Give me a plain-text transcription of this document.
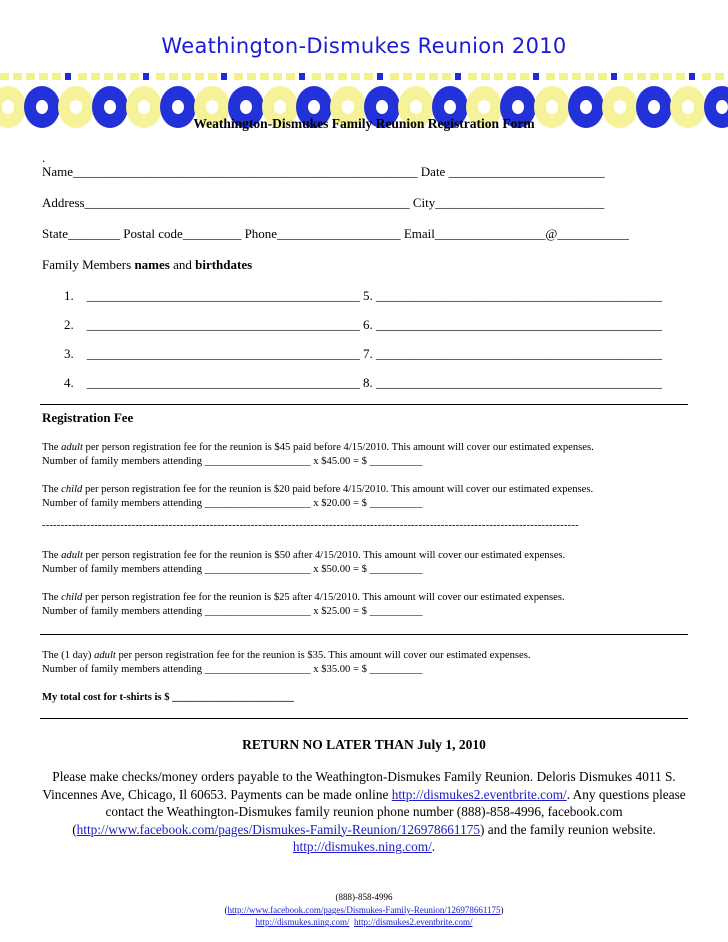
Weathington-Dismukes Reunion 2010
Weathington-Dismukes Family Reunion Registration Form
.
Name_____________________________________________________ Date ________________________
Address__________________________________________________ City__________________________
State________ Postal code_________ Phone___________________ Email_________________@___________
Family Members names and birthdates
1. __________________________________________ 5. ____________________________________________
2. __________________________________________ 6. ____________________________________________
3. __________________________________________ 7. ____________________________________________
4. __________________________________________ 8. ____________________________________________
Registration Fee
The adult per person registration fee for the reunion is $45 paid before 4/15/2010. This amount will cover our estimated expenses.
Number of family members attending ____________________ x $45.00 = $ __________
The child per person registration fee for the reunion is $20 paid before 4/15/2010. This amount will cover our estimated expenses.
Number of family members attending ____________________ x $20.00 = $ __________
------------------------------------------------------------------------------------------------------------------------------------------------
The adult per person registration fee for the reunion is $50 after 4/15/2010. This amount will cover our estimated expenses.
Number of family members attending ____________________ x $50.00 = $ __________
The child per person registration fee for the reunion is $25 after 4/15/2010. This amount will cover our estimated expenses.
Number of family members attending ____________________ x $25.00 = $ __________
The (1 day) adult per person registration fee for the reunion is $35. This amount will cover our estimated expenses.
Number of family members attending ____________________ x $35.00 = $ __________
My total cost for t-shirts is $ _______________________
RETURN NO LATER THAN July 1, 2010
Please make checks/money orders payable to the Weathington-Dismukes Family Reunion. Deloris Dismukes 4011 S. Vincennes Ave, Chicago, Il 60653. Payments can be made online http://dismukes2.eventbrite.com/. Any questions please contact the Weathington-Dismukes family reunion phone number (888)-858-4996, facebook.com (http://www.facebook.com/pages/Dismukes-Family-Reunion/126978661175) and the family reunion website. http://dismukes.ning.com/.
(888)-858-4996
(http://www.facebook.com/pages/Dismukes-Family-Reunion/126978661175)
http://dismukes.ning.com/ http://dismukes2.eventbrite.com/
